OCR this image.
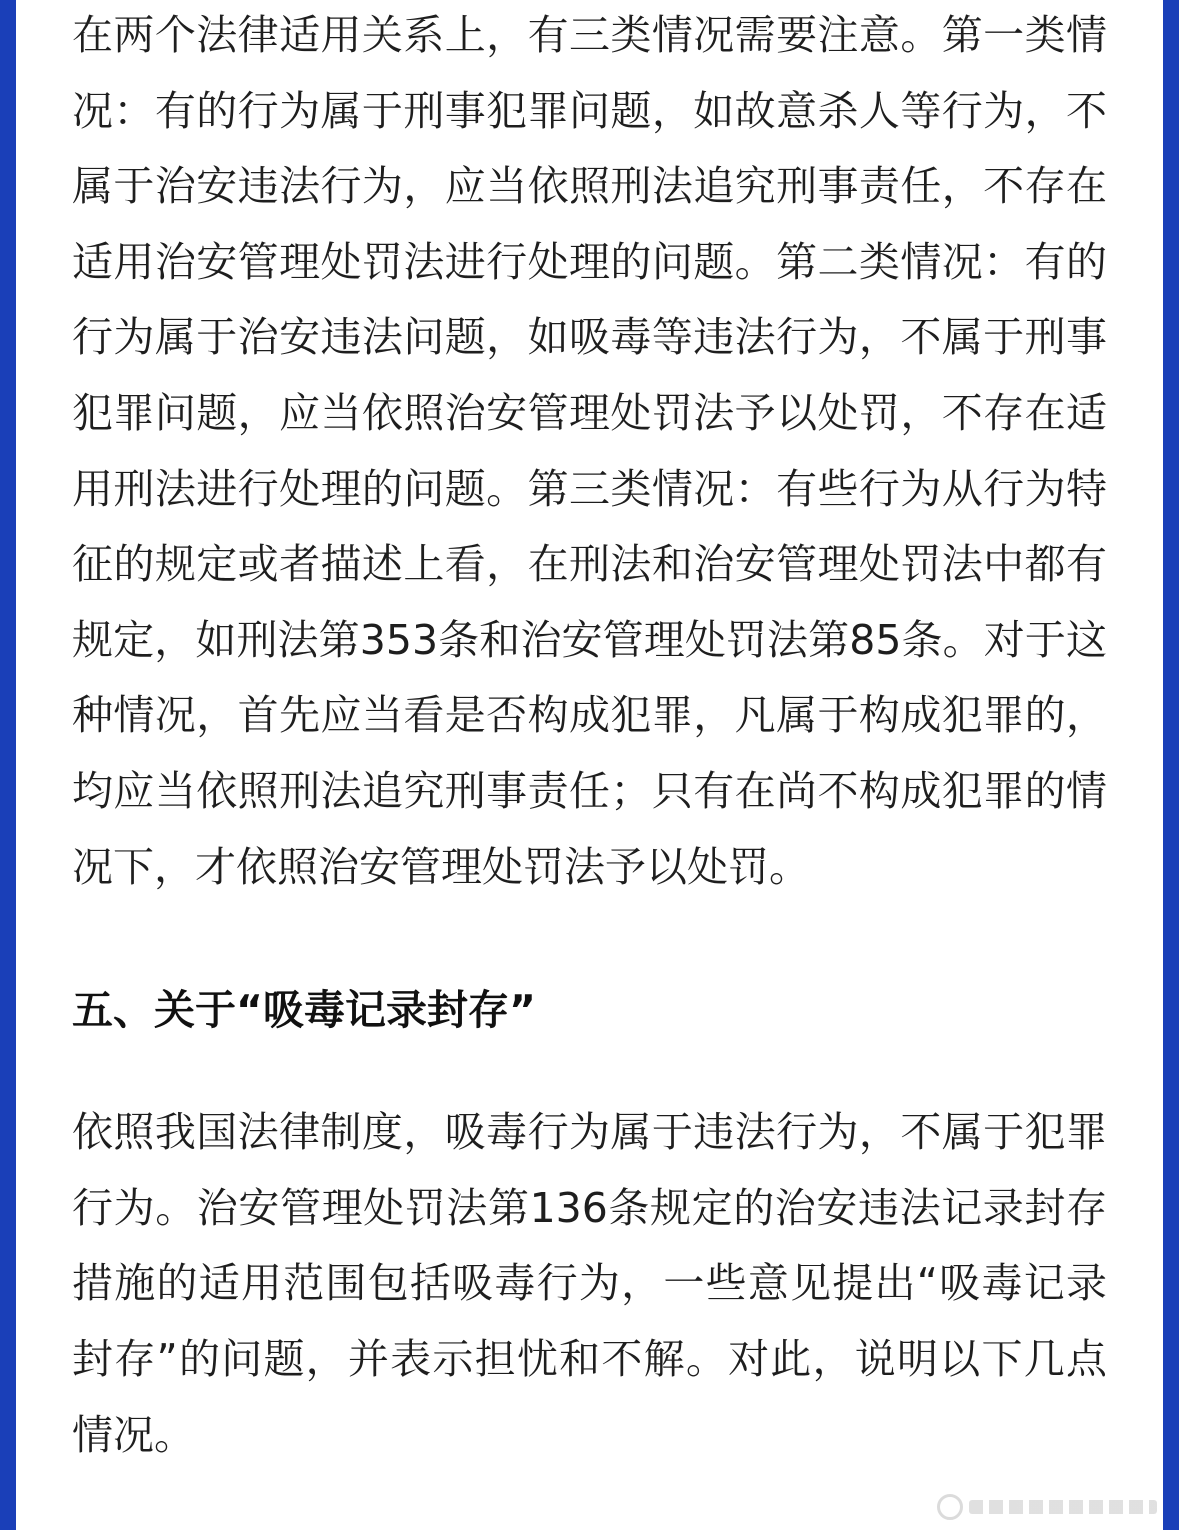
在两个法律适用关系上，有三类情况需要注意。第一类情况：有的行为属于刑事犯罪问题，如故意杀人等行为，不属于治安违法行为，应当依照刑法追究刑事责任，不存在适用治安管理处罚法进行处理的问题。第二类情况：有的行为属于治安违法问题，如吸毒等违法行为，不属于刑事犯罪问题，应当依照治安管理处罚法予以处罚，不存在适用刑法进行处理的问题。第三类情况：有些行为从行为特征的规定或者描述上看，在刑法和治安管理处罚法中都有规定，如刑法第353条和治安管理处罚法第85条。对于这种情况，首先应当看是否构成犯罪，凡属于构成犯罪的，均应当依照刑法追究刑事责任；只有在尚不构成犯罪的情况下，才依照治安管理处罚法予以处罚。

五、关于“吸毒记录封存”

依照我国法律制度，吸毒行为属于违法行为，不属于犯罪行为。治安管理处罚法第136条规定的治安违法记录封存措施的适用范围包括吸毒行为，一些意见提出“吸毒记录封存”的问题，并表示担忧和不解。对此，说明以下几点情况。
